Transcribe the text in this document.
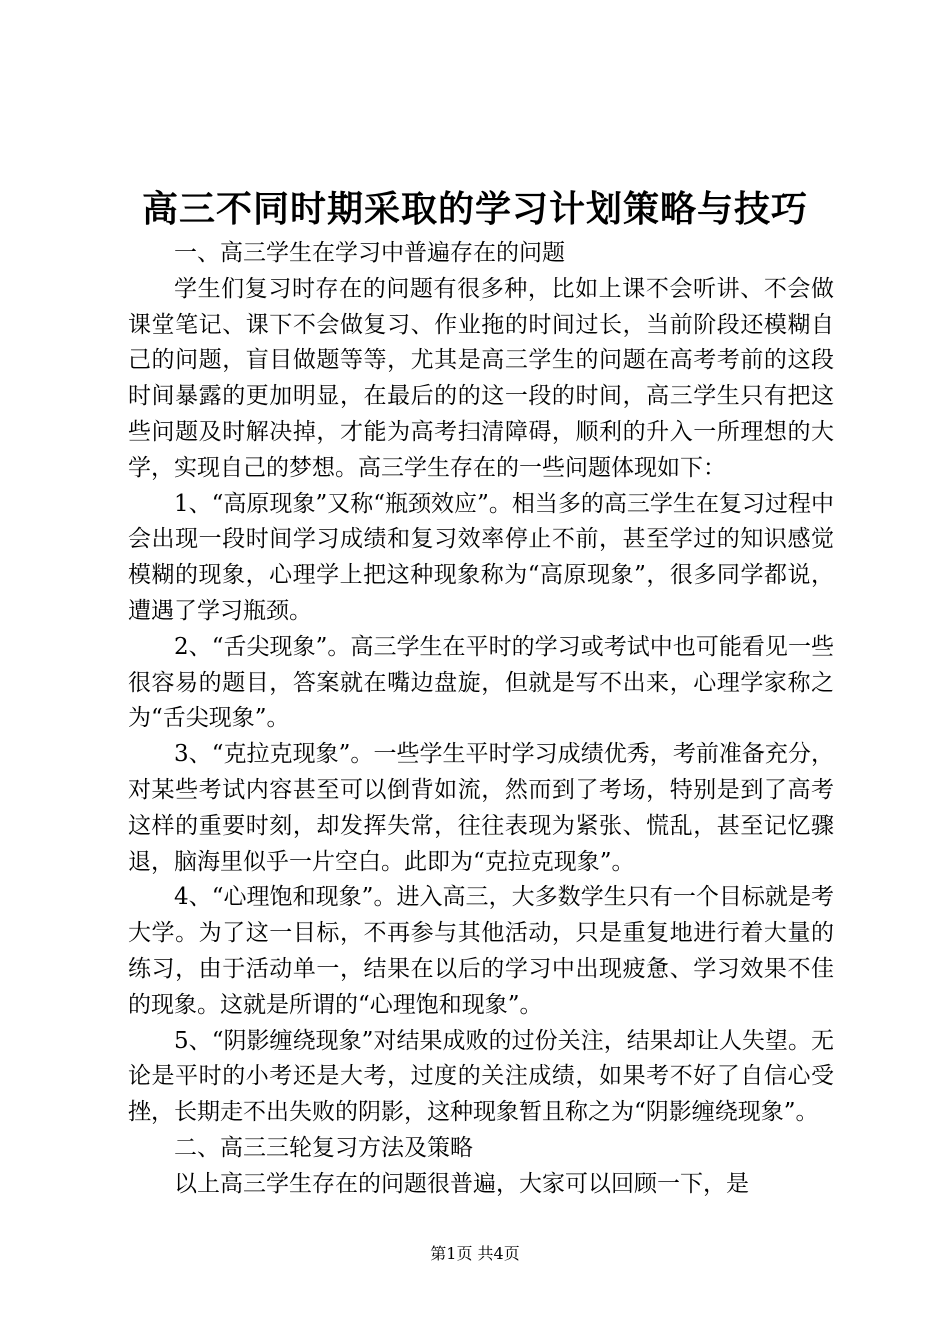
高三不同时期采取的学习计划策略与技巧

一、高三学生在学习中普遍存在的问题

学生们复习时存在的问题有很多种，比如上课不会听讲、不会做课堂笔记、课下不会做复习、作业拖的时间过长，当前阶段还模糊自己的问题，盲目做题等等，尤其是高三学生的问题在高考考前的这段时间暴露的更加明显，在最后的的这一段的时间，高三学生只有把这些问题及时解决掉，才能为高考扫清障碍，顺利的升入一所理想的大学，实现自己的梦想。高三学生存在的一些问题体现如下：

1、“高原现象”又称“瓶颈效应”。相当多的高三学生在复习过程中会出现一段时间学习成绩和复习效率停止不前，甚至学过的知识感觉模糊的现象，心理学上把这种现象称为“高原现象”，很多同学都说，遭遇了学习瓶颈。

2、“舌尖现象”。高三学生在平时的学习或考试中也可能看见一些很容易的题目，答案就在嘴边盘旋，但就是写不出来，心理学家称之为“舌尖现象”。

3、“克拉克现象”。一些学生平时学习成绩优秀，考前准备充分，对某些考试内容甚至可以倒背如流，然而到了考场，特别是到了高考这样的重要时刻，却发挥失常，往往表现为紧张、慌乱，甚至记忆骤退，脑海里似乎一片空白。此即为“克拉克现象”。

4、“心理饱和现象”。进入高三，大多数学生只有一个目标就是考大学。为了这一目标，不再参与其他活动，只是重复地进行着大量的练习，由于活动单一，结果在以后的学习中出现疲惫、学习效果不佳的现象。这就是所谓的“心理饱和现象”。

5、“阴影缠绕现象”对结果成败的过份关注，结果却让人失望。无论是平时的小考还是大考，过度的关注成绩，如果考不好了自信心受挫，长期走不出失败的阴影，这种现象暂且称之为“阴影缠绕现象”。

二、高三三轮复习方法及策略

以上高三学生存在的问题很普遍，大家可以回顾一下，是

第1页 共4页
